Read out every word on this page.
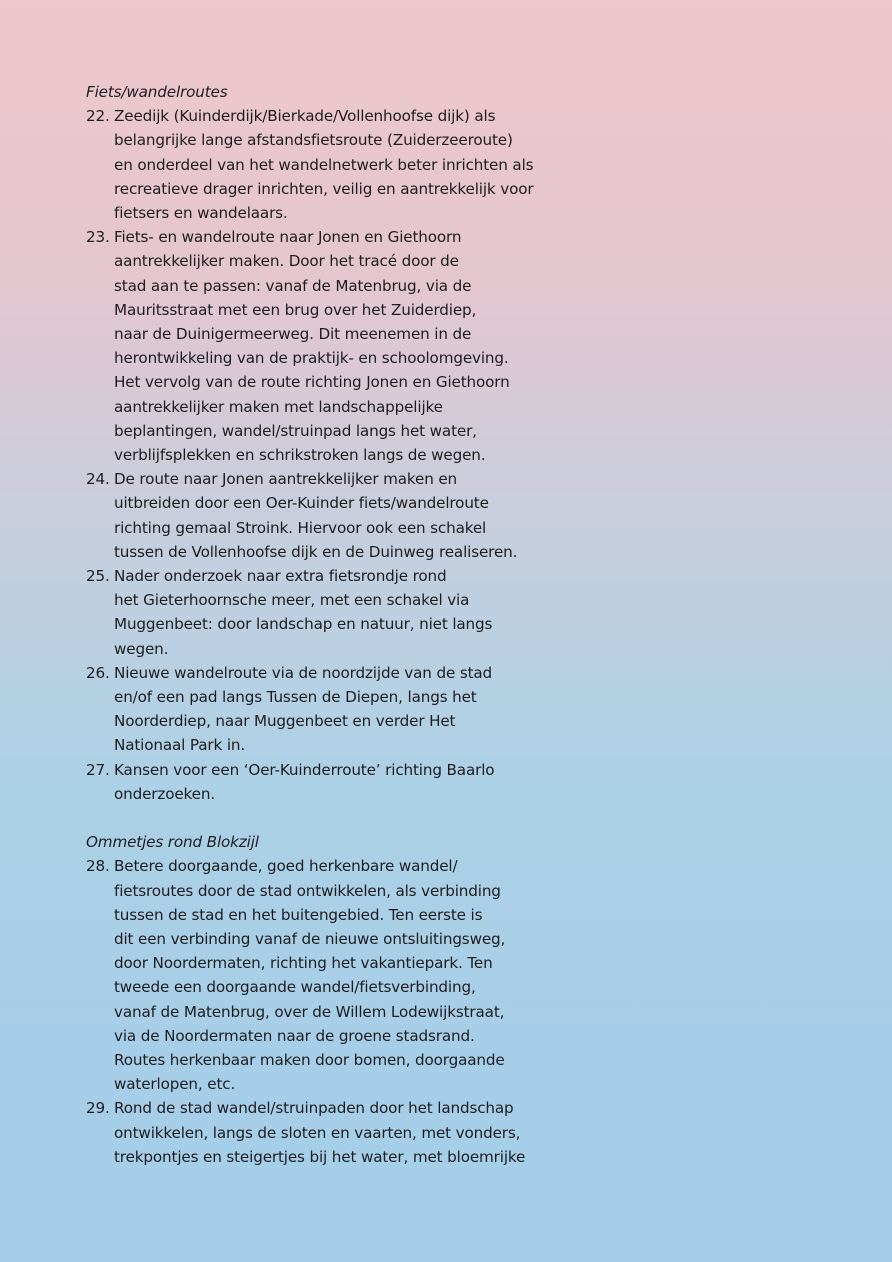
Fiets/wandelroutes

22. Zeedijk (Kuinderdijk/Bierkade/Vollenhoofse dijk) als
belangrijke lange afstandsfietsroute (Zuiderzeeroute)
en onderdeel van het wandelnetwerk beter inrichten als
recreatieve drager inrichten, veilig en aantrekkelijk voor
fietsers en wandelaars.
23. Fiets- en wandelroute naar Jonen en Giethoorn
aantrekkelijker maken. Door het tracé door de
stad aan te passen: vanaf de Matenbrug, via de
Mauritsstraat met een brug over het Zuiderdiep,
naar de Duinigermeerweg. Dit meenemen in de
herontwikkeling van de praktijk- en schoolomgeving.
Het vervolg van de route richting Jonen en Giethoorn
aantrekkelijker maken met landschappelijke
beplantingen, wandel/struinpad langs het water,
verblijfsplekken en schrikstroken langs de wegen.
24. De route naar Jonen aantrekkelijker maken en
uitbreiden door een Oer-Kuinder fiets/wandelroute
richting gemaal Stroink. Hiervoor ook een schakel
tussen de Vollenhoofse dijk en de Duinweg realiseren.
25. Nader onderzoek naar extra fietsrondje rond
het Gieterhoornsche meer, met een schakel via
Muggenbeet: door landschap en natuur, niet langs
wegen.
26. Nieuwe wandelroute via de noordzijde van de stad
en/of een pad langs Tussen de Diepen, langs het
Noorderdiep, naar Muggenbeet en verder Het
Nationaal Park in.
27. Kansen voor een ‘Oer-Kuinderroute’ richting Baarlo
onderzoeken.

Ommetjes rond Blokzijl

28. Betere doorgaande, goed herkenbare wandel/
fietsroutes door de stad ontwikkelen, als verbinding
tussen de stad en het buitengebied. Ten eerste is
dit een verbinding vanaf de nieuwe ontsluitingsweg,
door Noordermaten, richting het vakantiepark. Ten
tweede een doorgaande wandel/fietsverbinding,
vanaf de Matenbrug, over de Willem Lodewijkstraat,
via de Noordermaten naar de groene stadsrand.
Routes herkenbaar maken door bomen, doorgaande
waterlopen, etc.
29. Rond de stad wandel/struinpaden door het landschap
ontwikkelen, langs de sloten en vaarten, met vonders,
trekpontjes en steigertjes bij het water, met bloemrijke
